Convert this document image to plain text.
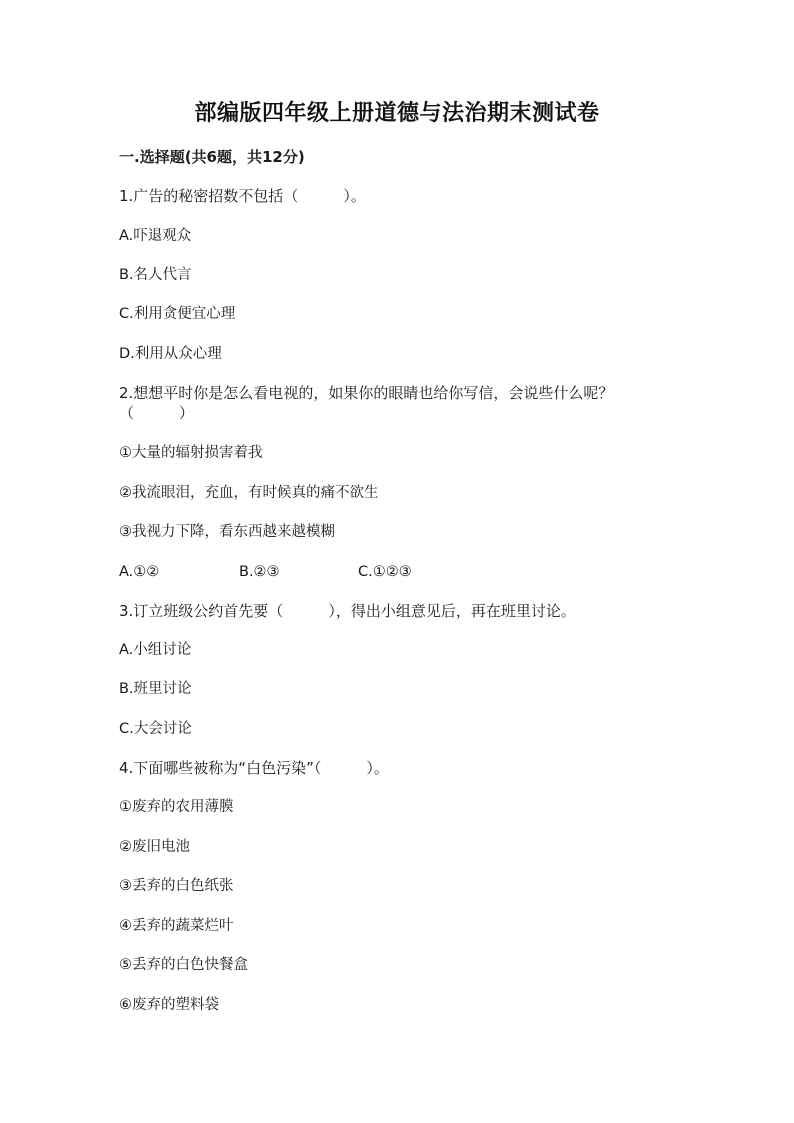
部编版四年级上册道德与法治期末测试卷
一.选择题(共6题，共12分)
1.广告的秘密招数不包括（　　　）。
A.吓退观众
B.名人代言
C.利用贪便宜心理
D.利用从众心理
2.想想平时你是怎么看电视的，如果你的眼睛也给你写信，会说些什么呢？
（　　　）
①大量的辐射损害着我
②我流眼泪，充血，有时候真的痛不欲生
③我视力下降，看东西越来越模糊
A.①②	B.②③	C.①②③
3.订立班级公约首先要（　　　），得出小组意见后，再在班里讨论。
A.小组讨论
B.班里讨论
C.大会讨论
4.下面哪些被称为“白色污染”（　　　）。
①废弃的农用薄膜
②废旧电池
③丢弃的白色纸张
④丢弃的蔬菜烂叶
⑤丢弃的白色快餐盒
⑥废弃的塑料袋
